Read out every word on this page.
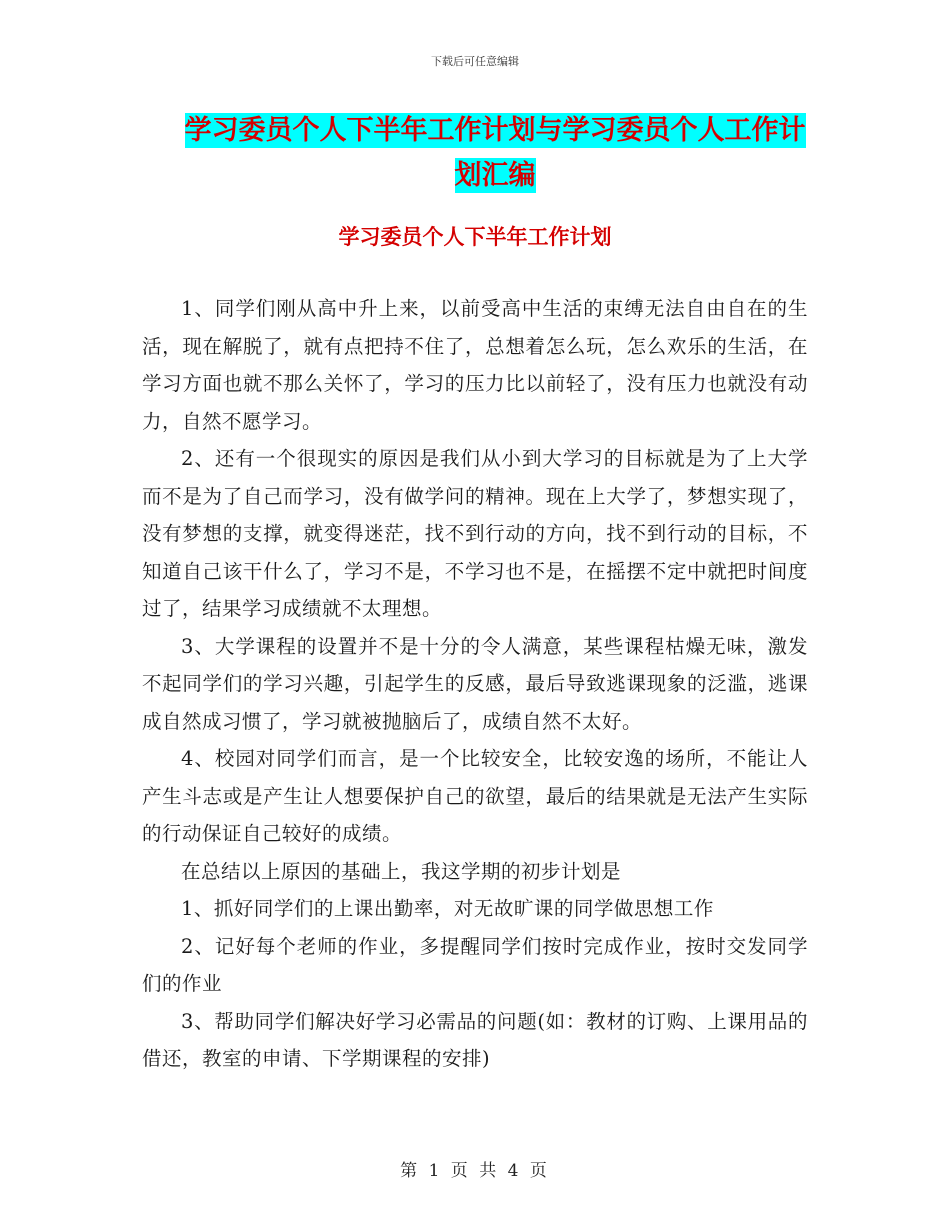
下载后可任意编辑
学习委员个人下半年工作计划与学习委员个人工作计划汇编
学习委员个人下半年工作计划

1、同学们刚从高中升上来，以前受高中生活的束缚无法自由自在的生活，现在解脱了，就有点把持不住了，总想着怎么玩，怎么欢乐的生活，在学习方面也就不那么关怀了，学习的压力比以前轻了，没有压力也就没有动力，自然不愿学习。

2、还有一个很现实的原因是我们从小到大学习的目标就是为了上大学而不是为了自己而学习，没有做学问的精神。现在上大学了，梦想实现了，没有梦想的支撑，就变得迷茫，找不到行动的方向，找不到行动的目标，不知道自己该干什么了，学习不是，不学习也不是，在摇摆不定中就把时间度过了，结果学习成绩就不太理想。

3、大学课程的设置并不是十分的令人满意，某些课程枯燥无味，激发不起同学们的学习兴趣，引起学生的反感，最后导致逃课现象的泛滥，逃课成自然成习惯了，学习就被抛脑后了，成绩自然不太好。

4、校园对同学们而言，是一个比较安全，比较安逸的场所，不能让人产生斗志或是产生让人想要保护自己的欲望，最后的结果就是无法产生实际的行动保证自己较好的成绩。

在总结以上原因的基础上，我这学期的初步计划是

1、抓好同学们的上课出勤率，对无故旷课的同学做思想工作

2、记好每个老师的作业，多提醒同学们按时完成作业，按时交发同学们的作业

3、帮助同学们解决好学习必需品的问题(如：教材的订购、上课用品的借还，教室的申请、下学期课程的安排)

第 1 页 共 4 页
